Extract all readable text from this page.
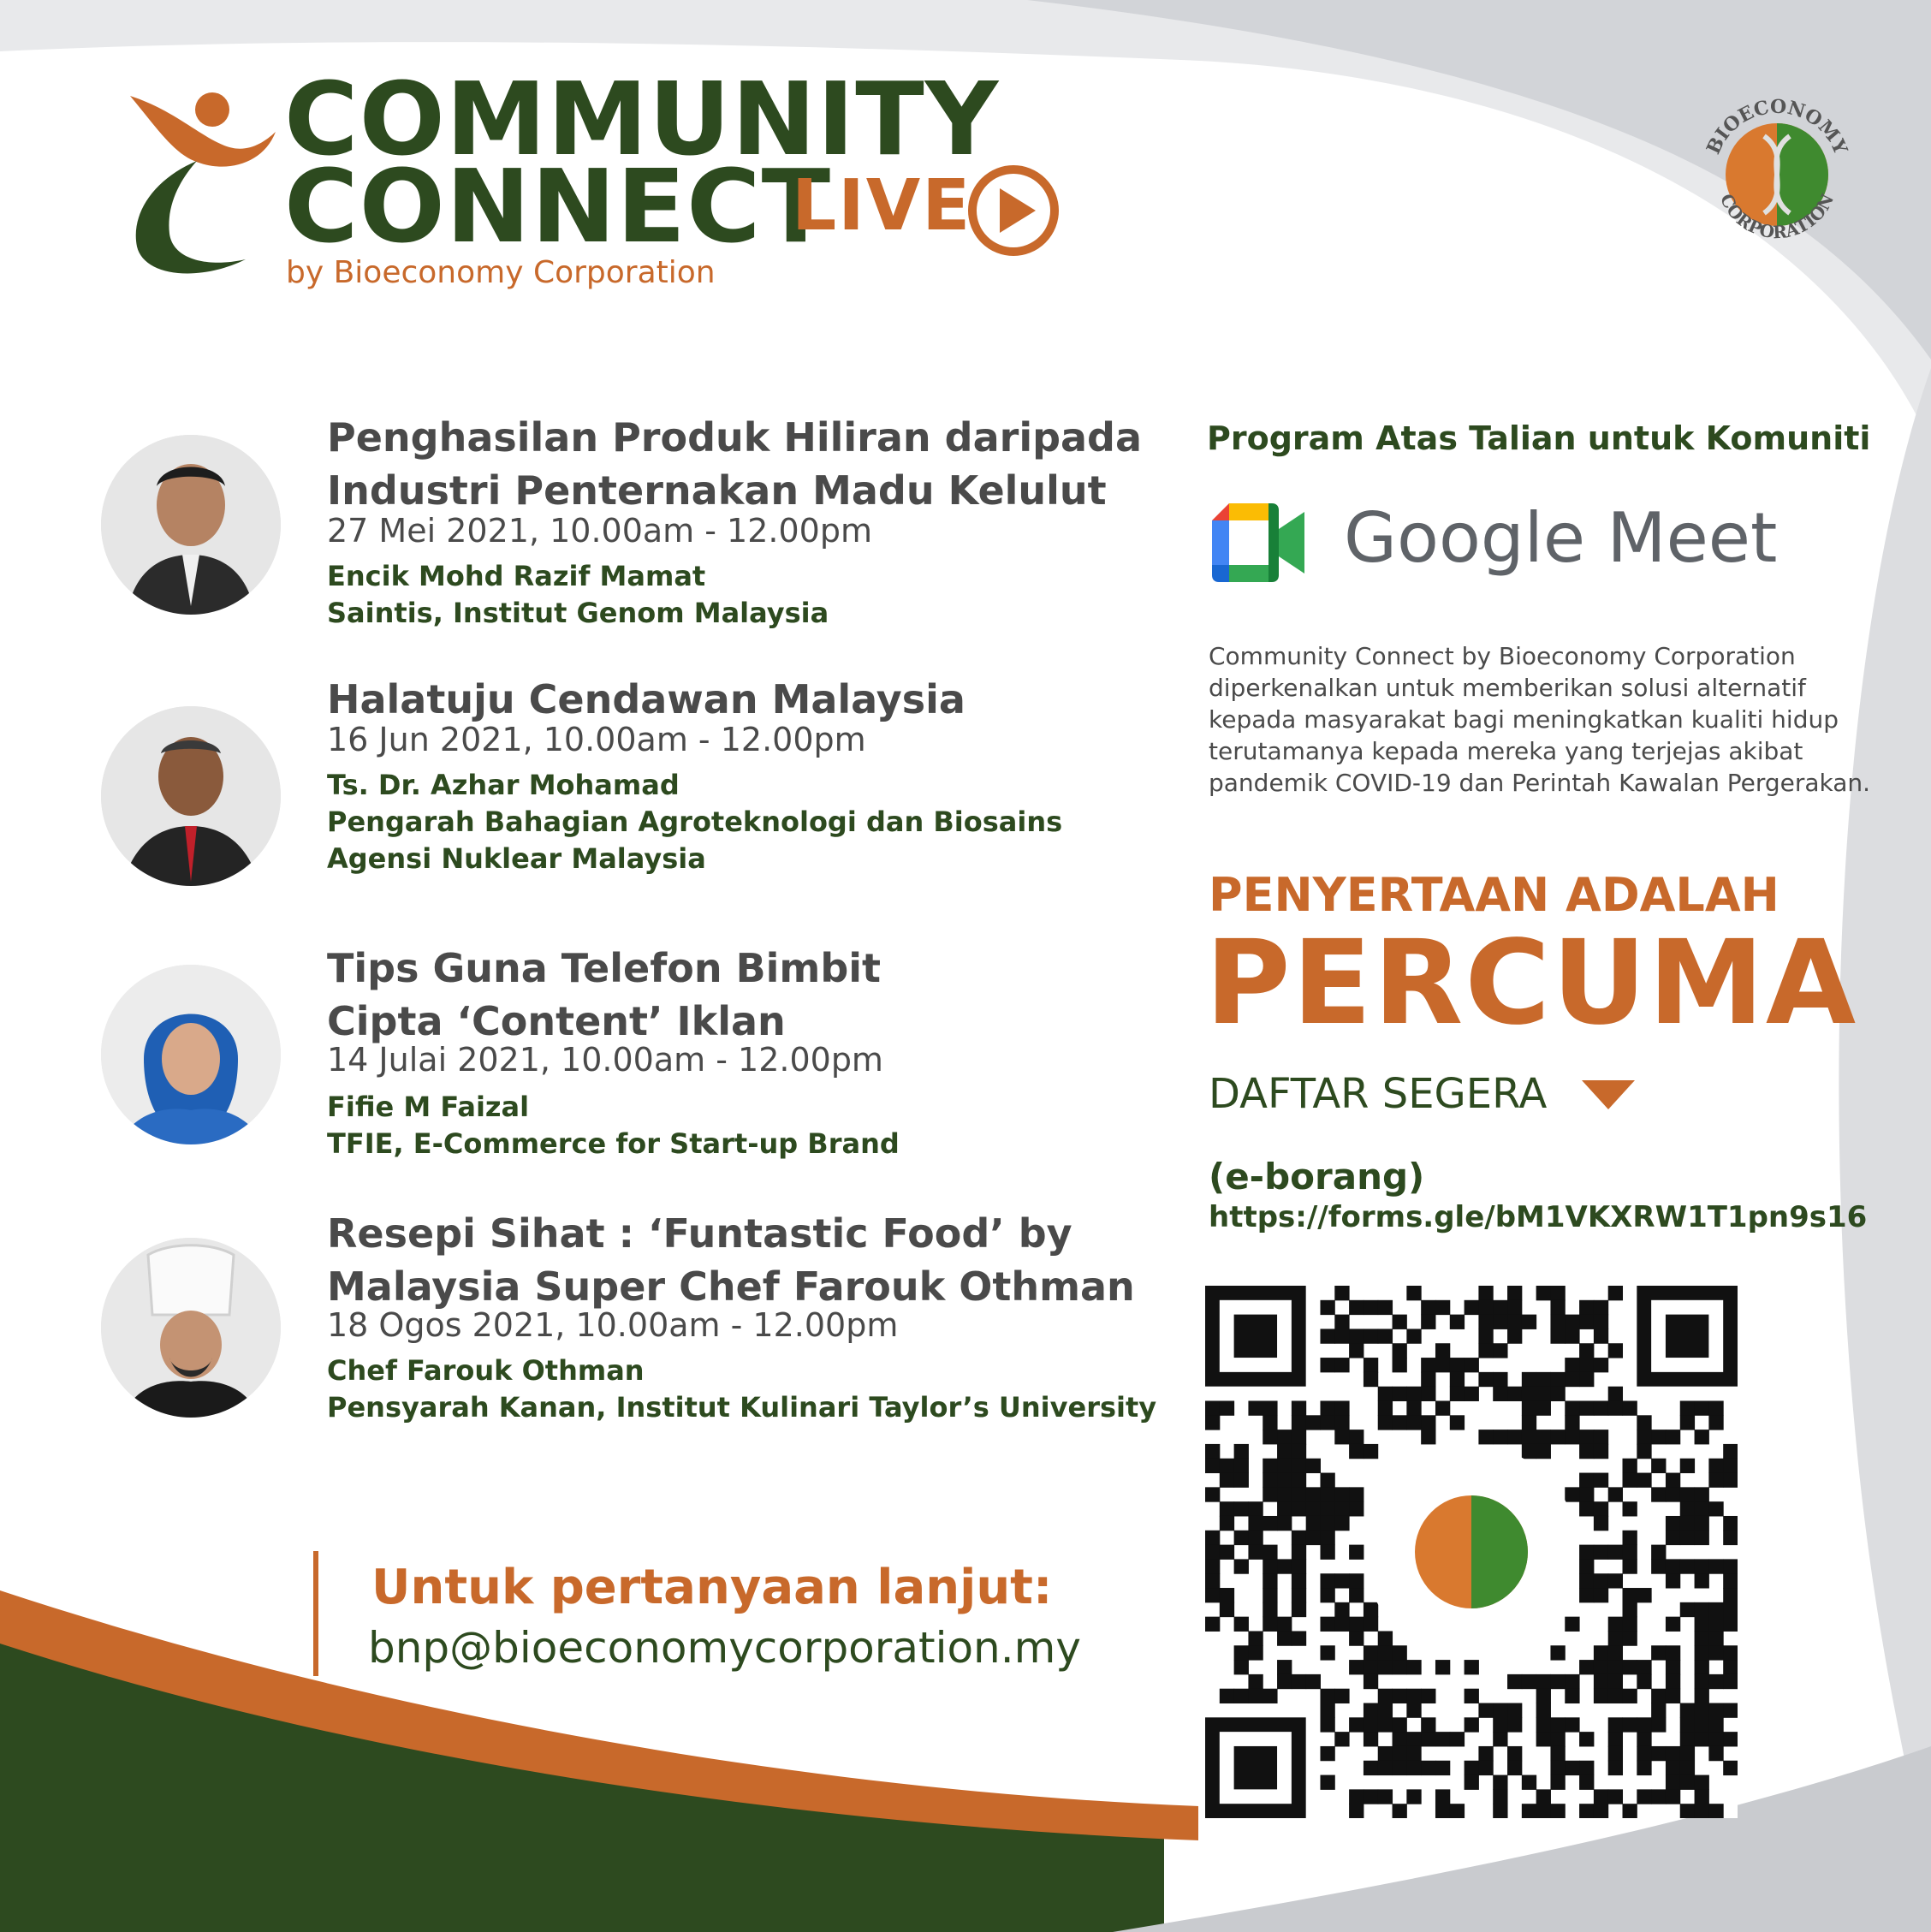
COMMUNITY
CONNECT
LIVE
by Bioeconomy Corporation
BIOECONOMY
CORPORATION
Penghasilan Produk Hiliran daripada
Industri Penternakan Madu Kelulut
27 Mei 2021, 10.00am - 12.00pm
Encik Mohd Razif Mamat
Saintis, Institut Genom Malaysia
Halatuju Cendawan Malaysia
16 Jun 2021, 10.00am - 12.00pm
Ts. Dr. Azhar Mohamad
Pengarah Bahagian Agroteknologi dan Biosains
Agensi Nuklear Malaysia
Tips Guna Telefon Bimbit
Cipta ‘Content’ Iklan
14 Julai 2021, 10.00am - 12.00pm
Fifie M Faizal
TFIE, E-Commerce for Start-up Brand
Resepi Sihat : ‘Funtastic Food’ by
Malaysia Super Chef Farouk Othman
18 Ogos 2021, 10.00am - 12.00pm
Chef Farouk Othman
Pensyarah Kanan, Institut Kulinari Taylor’s University
Program Atas Talian untuk Komuniti
Google Meet
Community Connect by Bioeconomy Corporation diperkenalkan untuk memberikan solusi alternatif kepada masyarakat bagi meningkatkan kualiti hidup terutamanya kepada mereka yang terjejas akibat pandemik COVID-19 dan Perintah Kawalan Pergerakan.
PENYERTAAN ADALAH
PERCUMA
DAFTAR SEGERA
(e-borang)
https://forms.gle/bM1VKXRW1T1pn9s16
Untuk pertanyaan lanjut:
bnp@bioeconomycorporation.my
